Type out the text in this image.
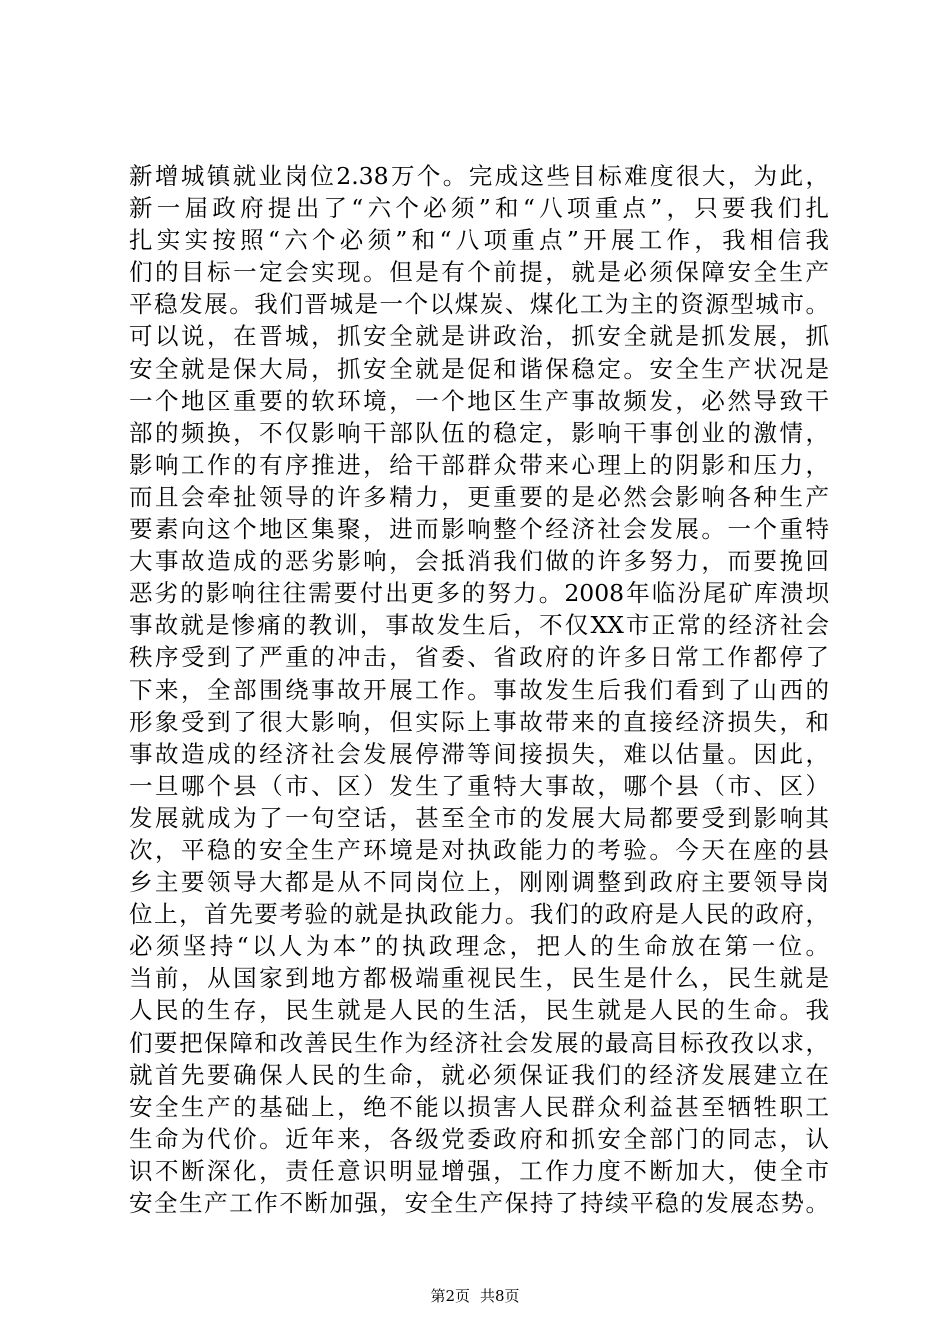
新增城镇就业岗位2.38万个。完成这些目标难度很大，为此，
新一届政府提出了“六个必须”和“八项重点”，只要我们扎
扎实实按照“六个必须”和“八项重点”开展工作，我相信我
们的目标一定会实现。但是有个前提，就是必须保障安全生产
平稳发展。我们晋城是一个以煤炭、煤化工为主的资源型城市。
可以说，在晋城，抓安全就是讲政治，抓安全就是抓发展，抓
安全就是保大局，抓安全就是促和谐保稳定。安全生产状况是
一个地区重要的软环境，一个地区生产事故频发，必然导致干
部的频换，不仅影响干部队伍的稳定，影响干事创业的激情，
影响工作的有序推进，给干部群众带来心理上的阴影和压力，
而且会牵扯领导的许多精力，更重要的是必然会影响各种生产
要素向这个地区集聚，进而影响整个经济社会发展。一个重特
大事故造成的恶劣影响，会抵消我们做的许多努力，而要挽回
恶劣的影响往往需要付出更多的努力。2008年临汾尾矿库溃坝
事故就是惨痛的教训，事故发生后，不仅XX市正常的经济社会
秩序受到了严重的冲击，省委、省政府的许多日常工作都停了
下来，全部围绕事故开展工作。事故发生后我们看到了山西的
形象受到了很大影响，但实际上事故带来的直接经济损失，和
事故造成的经济社会发展停滞等间接损失，难以估量。因此，
一旦哪个县（市、区）发生了重特大事故，哪个县（市、区）
发展就成为了一句空话，甚至全市的发展大局都要受到影响其
次，平稳的安全生产环境是对执政能力的考验。今天在座的县
乡主要领导大都是从不同岗位上，刚刚调整到政府主要领导岗
位上，首先要考验的就是执政能力。我们的政府是人民的政府，
必须坚持“以人为本”的执政理念，把人的生命放在第一位。
当前，从国家到地方都极端重视民生，民生是什么，民生就是
人民的生存，民生就是人民的生活，民生就是人民的生命。我
们要把保障和改善民生作为经济社会发展的最高目标孜孜以求，
就首先要确保人民的生命，就必须保证我们的经济发展建立在
安全生产的基础上，绝不能以损害人民群众利益甚至牺牲职工
生命为代价。近年来，各级党委政府和抓安全部门的同志，认
识不断深化，责任意识明显增强，工作力度不断加大，使全市
安全生产工作不断加强，安全生产保持了持续平稳的发展态势。
第2页 共8页
